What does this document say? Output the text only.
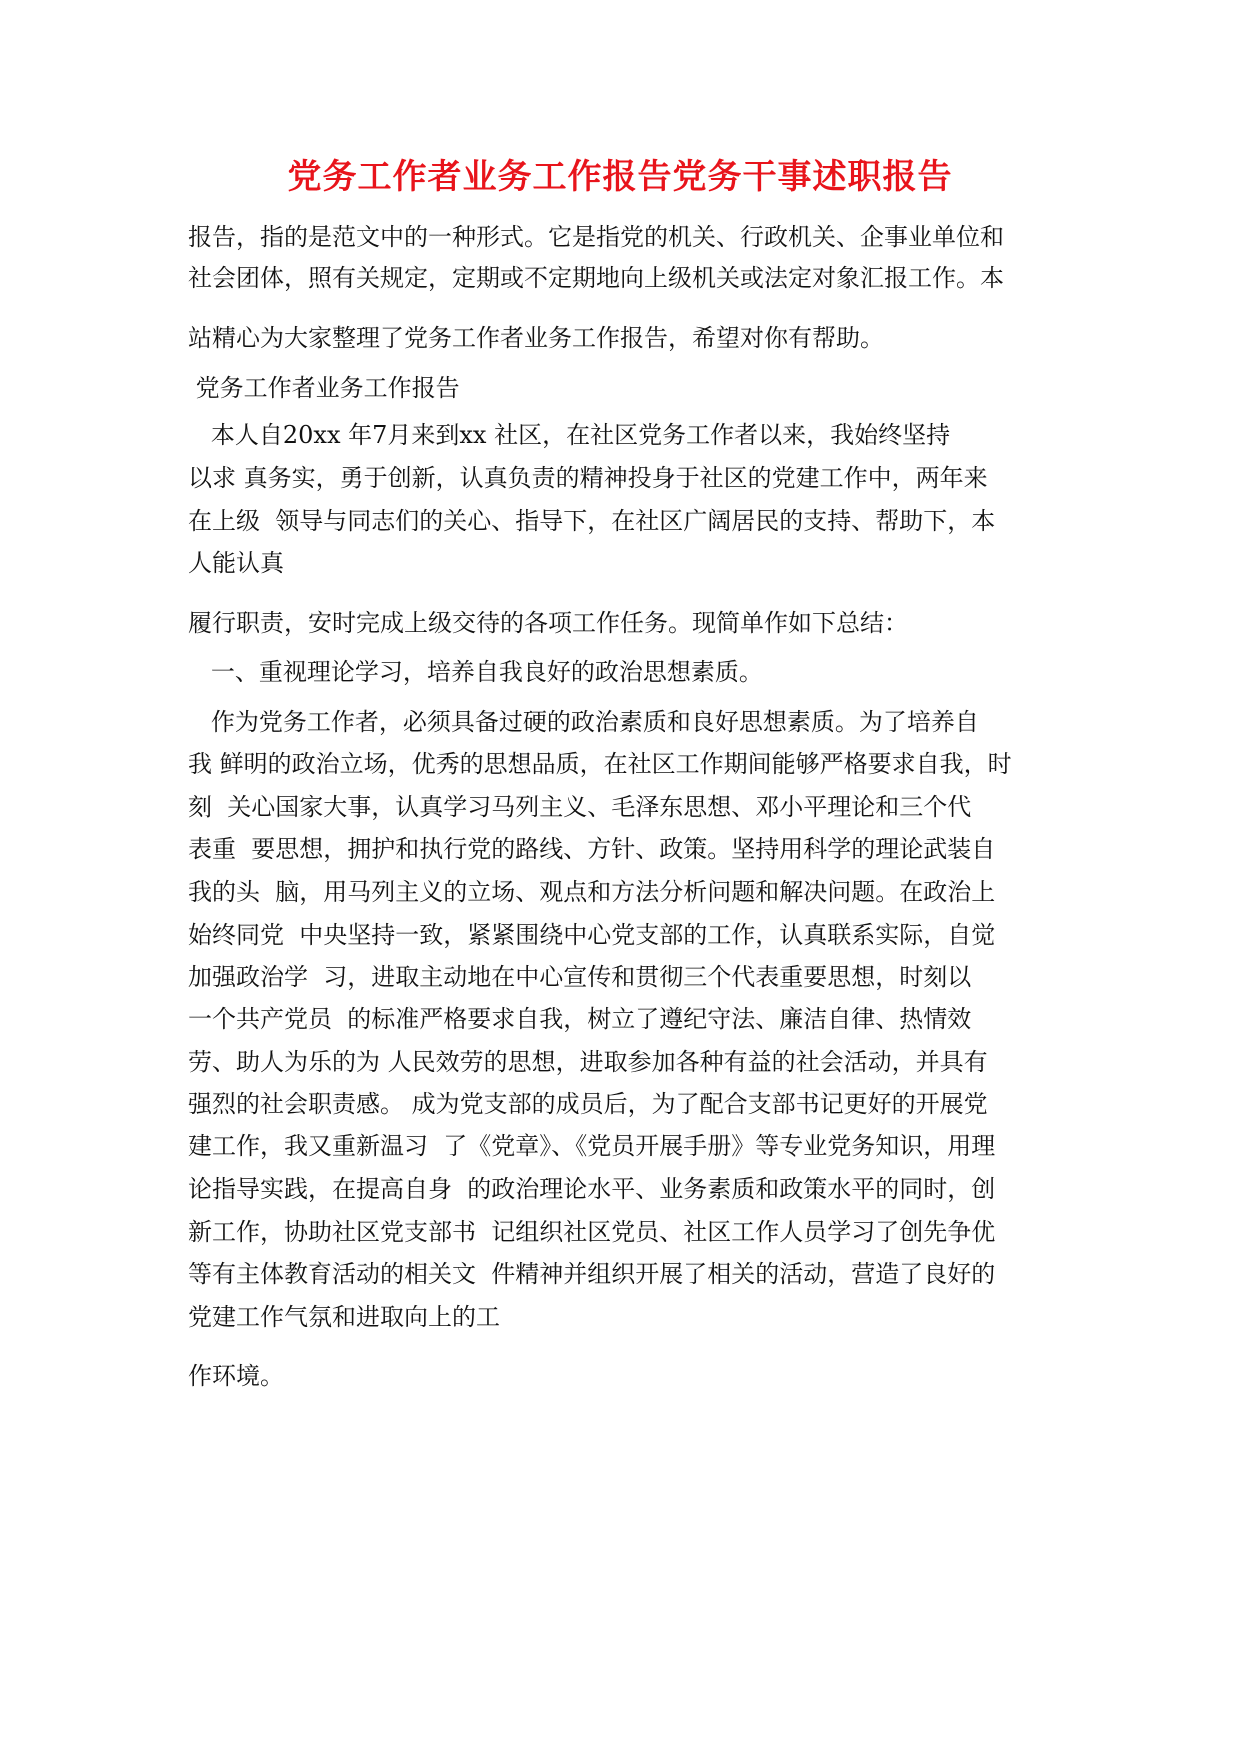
党务工作者业务工作报告党务干事述职报告

报告，指的是范文中的一种形式。它是指党的机关、行政机关、企事业单位和

社会团体，照有关规定，定期或不定期地向上级机关或法定对象汇报工作。本

站精心为大家整理了党务工作者业务工作报告，希望对你有帮助。

党务工作者业务工作报告

本人自20xx 年7月来到xx 社区，在社区党务工作者以来，我始终坚持

以求 真务实，勇于创新，认真负责的精神投身于社区的党建工作中，两年来

在上级  领导与同志们的关心、指导下，在社区广阔居民的支持、帮助下，本

人能认真

履行职责，安时完成上级交待的各项工作任务。现简单作如下总结：

一、重视理论学习，培养自我良好的政治思想素质。

作为党务工作者，必须具备过硬的政治素质和良好思想素质。为了培养自

我 鲜明的政治立场，优秀的思想品质，在社区工作期间能够严格要求自我，时

刻  关心国家大事，认真学习马列主义、毛泽东思想、邓小平理论和三个代

表重  要思想，拥护和执行党的路线、方针、政策。坚持用科学的理论武装自

我的头  脑，用马列主义的立场、观点和方法分析问题和解决问题。在政治上

始终同党  中央坚持一致，紧紧围绕中心党支部的工作，认真联系实际，自觉

加强政治学  习，进取主动地在中心宣传和贯彻三个代表重要思想，时刻以

一个共产党员  的标准严格要求自我，树立了遵纪守法、廉洁自律、热情效

劳、助人为乐的为 人民效劳的思想，进取参加各种有益的社会活动，并具有

强烈的社会职责感。 成为党支部的成员后，为了配合支部书记更好的开展党

建工作，我又重新温习  了《党章》、《党员开展手册》等专业党务知识，用理

论指导实践，在提高自身  的政治理论水平、业务素质和政策水平的同时，创

新工作，协助社区党支部书  记组织社区党员、社区工作人员学习了创先争优

等有主体教育活动的相关文  件精神并组织开展了相关的活动，营造了良好的

党建工作气氛和进取向上的工

作环境。
